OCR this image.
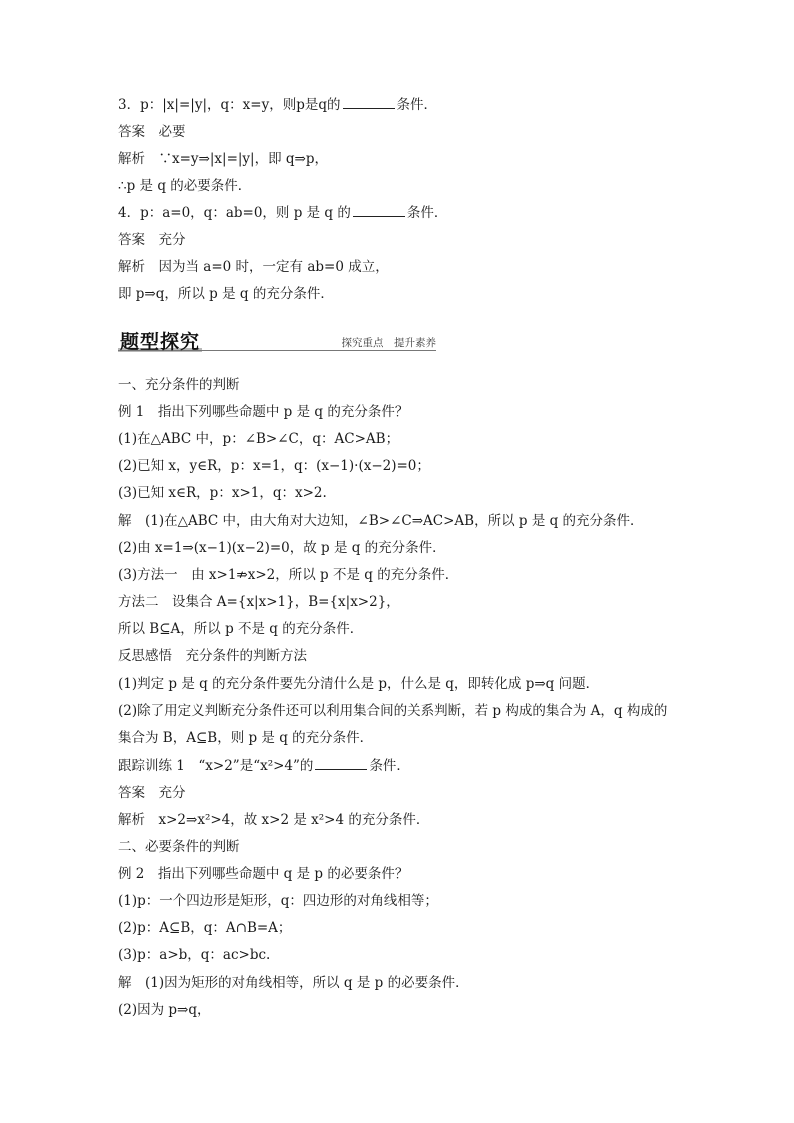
3．p：|x|=|y|，q：x=y，则p是q的	条件．
答案　必要
解析　∵x=y⇒|x|=|y|，即 q⇒p，
∴p 是 q 的必要条件．
4．p：a=0，q：ab=0，则 p 是 q 的	条件．
答案　充分
解析　因为当 a=0 时，一定有 ab=0 成立，
即 p⇒q，所以 p 是 q 的充分条件．
题型探究	探究重点　提升素养
一、充分条件的判断
例 1　指出下列哪些命题中 p 是 q 的充分条件？
(1)在△ABC 中，p：∠B>∠C，q：AC>AB；
(2)已知 x，y∈R，p：x=1，q：(x−1)·(x−2)=0；
(3)已知 x∈R，p：x>1，q：x>2.
解　(1)在△ABC 中，由大角对大边知，∠B>∠C⇒AC>AB，所以 p 是 q 的充分条件．
(2)由 x=1⇒(x−1)(x−2)=0，故 p 是 q 的充分条件．
(3)方法一　由 x>1⇏x>2，所以 p 不是 q 的充分条件．
方法二　设集合 A={x|x>1}，B={x|x>2}，
所以 B⊆A，所以 p 不是 q 的充分条件．
反思感悟　充分条件的判断方法
(1)判定 p 是 q 的充分条件要先分清什么是 p，什么是 q，即转化成 p⇒q 问题．
(2)除了用定义判断充分条件还可以利用集合间的关系判断，若 p 构成的集合为 A，q 构成的
集合为 B，A⊆B，则 p 是 q 的充分条件．
跟踪训练 1　“x>2”是“x²>4”的	条件．
答案　充分
解析　x>2⇒x²>4，故 x>2 是 x²>4 的充分条件．
二、必要条件的判断
例 2　指出下列哪些命题中 q 是 p 的必要条件？
(1)p：一个四边形是矩形，q：四边形的对角线相等；
(2)p：A⊆B，q：A∩B=A；
(3)p：a>b，q：ac>bc.
解　(1)因为矩形的对角线相等，所以 q 是 p 的必要条件．
(2)因为 p⇒q，
